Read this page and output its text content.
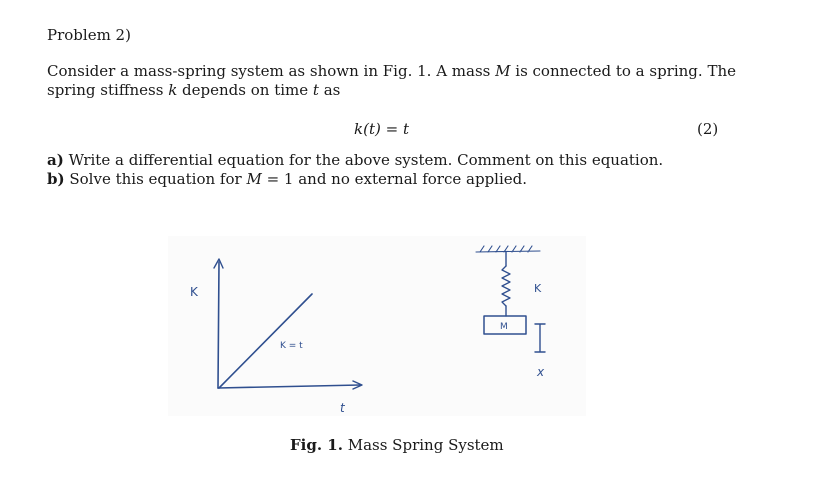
Problem 2)
Consider a mass-spring system as shown in Fig. 1. A mass M is connected to a spring. The spring stiffness k depends on time t as
k(t) = t	(2)
a) Write a differential equation for the above system. Comment on this equation.
b) Solve this equation for M = 1 and no external force applied.
K
t
K = t
K
M
x
Fig. 1. Mass Spring System
